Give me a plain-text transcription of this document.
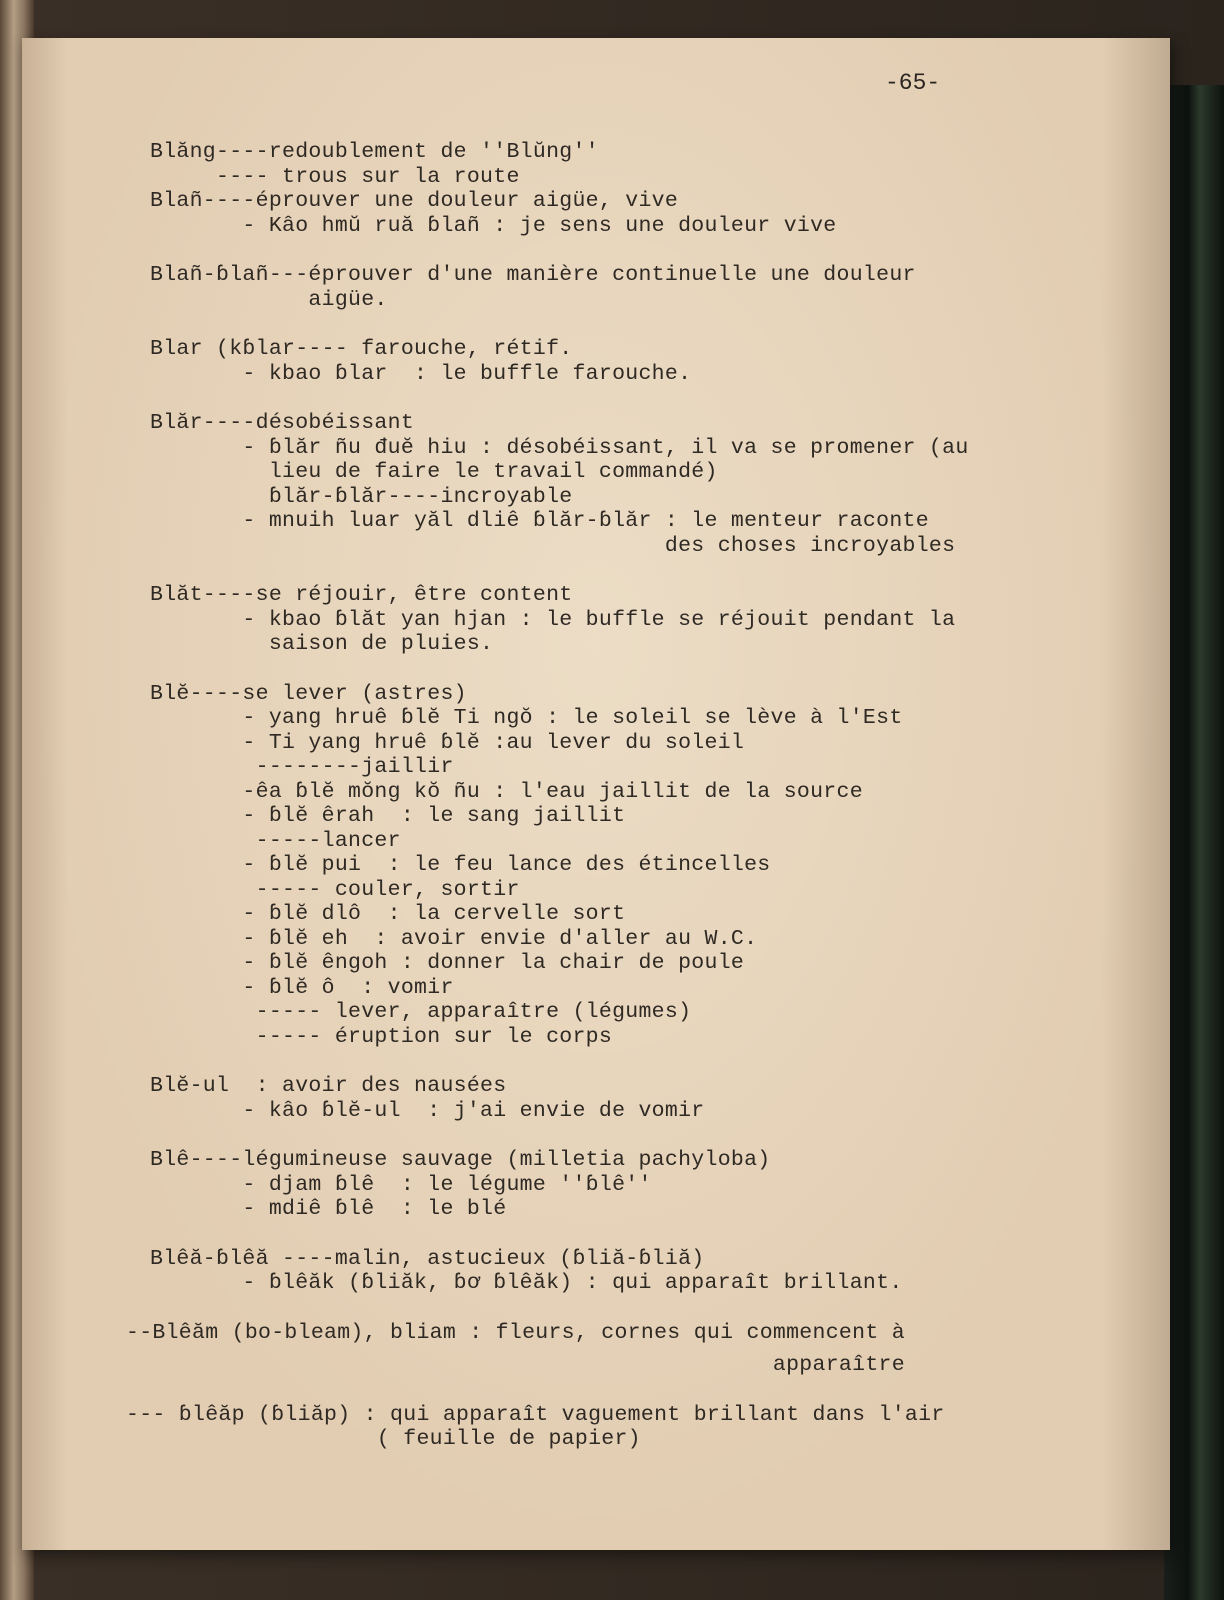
-65-
Blăng----redoublement de ''Blŭng''
---- trous sur la route
Blañ----éprouver une douleur aigüe, vive
- Kâo hmŭ ruă ɓlañ : je sens une douleur vive
Blañ-ɓlañ---éprouver d'une manière continuelle une douleur
aigüe.
Blar (kɓlar---- farouche, rétif.
- kbao ɓlar  : le buffle farouche.
Blăr----désobéissant
- ɓlăr ñu đuĕ hiu : désobéissant, il va se promener (au
lieu de faire le travail commandé)
ɓlăr-ɓlăr----incroyable
- mnuih luar yăl dliê ɓlăr-ɓlăr : le menteur raconte
des choses incroyables
Blăt----se réjouir, être content
- kbao ɓlăt yan hjan : le buffle se réjouit pendant la
saison de pluies.
Blĕ----se lever (astres)
- yang hruê ɓlĕ Ti ngŏ : le soleil se lève à l'Est
- Ti yang hruê ɓlĕ :au lever du soleil
--------jaillir
-êa ɓlĕ mŏng kŏ ñu : l'eau jaillit de la source
- ɓlĕ êrah  : le sang jaillit
-----lancer
- ɓlĕ pui  : le feu lance des étincelles
----- couler, sortir
- ɓlĕ dlô  : la cervelle sort
- ɓlĕ eh  : avoir envie d'aller au W.C.
- ɓlĕ êngoh : donner la chair de poule
- ɓlĕ ô  : vomir
----- lever, apparaître (légumes)
----- éruption sur le corps
Blĕ-ul  : avoir des nausées
- kâo ɓlĕ-ul  : j'ai envie de vomir
Blê----légumineuse sauvage (milletia pachyloba)
- djam ɓlê  : le légume ''ɓlê''
- mdiê ɓlê  : le blé
Blêă-ɓlêă ----malin, astucieux (ɓliă-ɓliă)
- ɓlêăk (ɓliăk, ɓơ ɓlêăk) : qui apparaît brillant.
--Blêăm (bo-bleam), bliam : fleurs, cornes qui commencent à
apparaître
--- ɓlêăp (ɓliăp) : qui apparaît vaguement brillant dans l'air
( feuille de papier)
